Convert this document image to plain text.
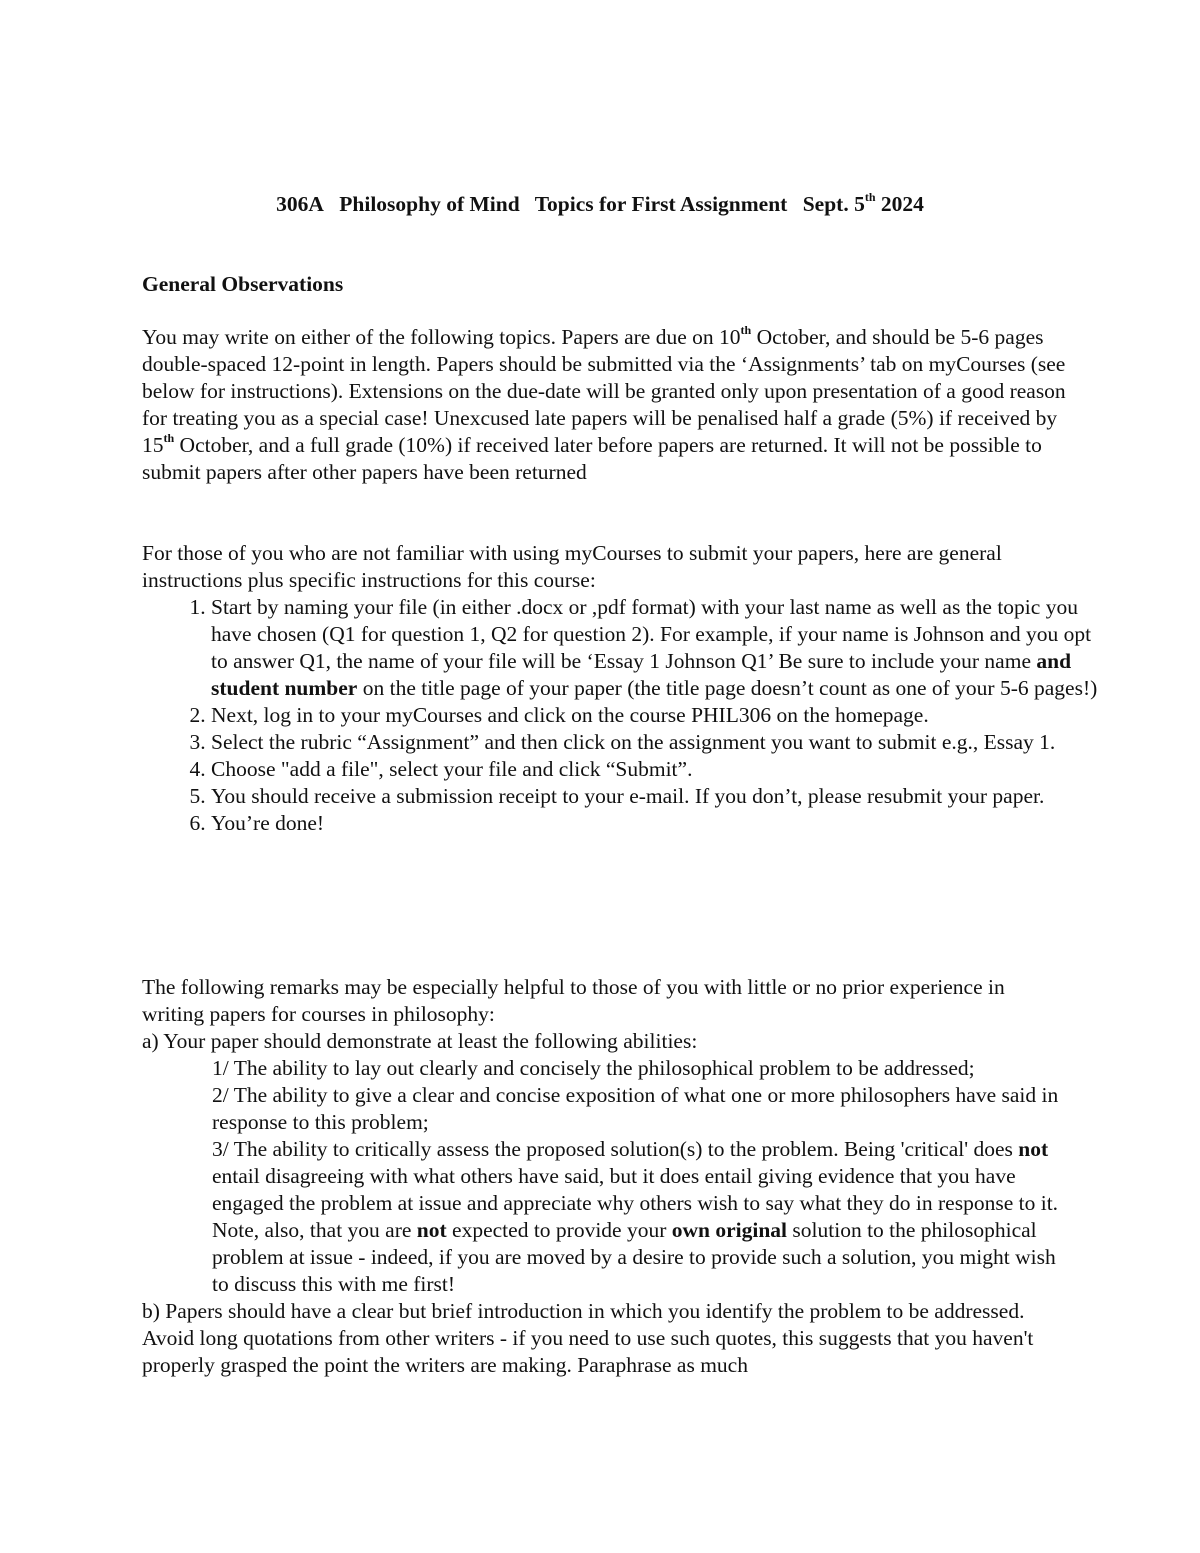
306A Philosophy of Mind Topics for First Assignment Sept. 5th 2024
General Observations
You may write on either of the following topics. Papers are due on 10th October, and should be 5-6 pages double-spaced 12-point in length. Papers should be submitted via the ‘Assignments’ tab on myCourses (see below for instructions). Extensions on the due-date will be granted only upon presentation of a good reason for treating you as a special case! Unexcused late papers will be penalised half a grade (5%) if received by 15th October, and a full grade (10%) if received later before papers are returned. It will not be possible to submit papers after other papers have been returned
For those of you who are not familiar with using myCourses to submit your papers, here are general instructions plus specific instructions for this course:
1. Start by naming your file (in either .docx or ,pdf format) with your last name as well as the topic you have chosen (Q1 for question 1, Q2 for question 2). For example, if your name is Johnson and you opt to answer Q1, the name of your file will be ‘Essay 1 Johnson Q1’ Be sure to include your name and student number on the title page of your paper (the title page doesn’t count as one of your 5-6 pages!)
2. Next, log in to your myCourses and click on the course PHIL306 on the homepage.
3. Select the rubric “Assignment” and then click on the assignment you want to submit e.g., Essay 1.
4. Choose "add a file", select your file and click “Submit”.
5. You should receive a submission receipt to your e-mail. If you don’t, please resubmit your paper.
6. You’re done!
The following remarks may be especially helpful to those of you with little or no prior experience in writing papers for courses in philosophy:
a) Your paper should demonstrate at least the following abilities:
1/ The ability to lay out clearly and concisely the philosophical problem to be addressed;
2/ The ability to give a clear and concise exposition of what one or more philosophers have said in response to this problem;
3/ The ability to critically assess the proposed solution(s) to the problem. Being 'critical' does not entail disagreeing with what others have said, but it does entail giving evidence that you have engaged the problem at issue and appreciate why others wish to say what they do in response to it. Note, also, that you are not expected to provide your own original solution to the philosophical problem at issue - indeed, if you are moved by a desire to provide such a solution, you might wish to discuss this with me first!
b) Papers should have a clear but brief introduction in which you identify the problem to be addressed. Avoid long quotations from other writers - if you need to use such quotes, this suggests that you haven't properly grasped the point the writers are making. Paraphrase as much
